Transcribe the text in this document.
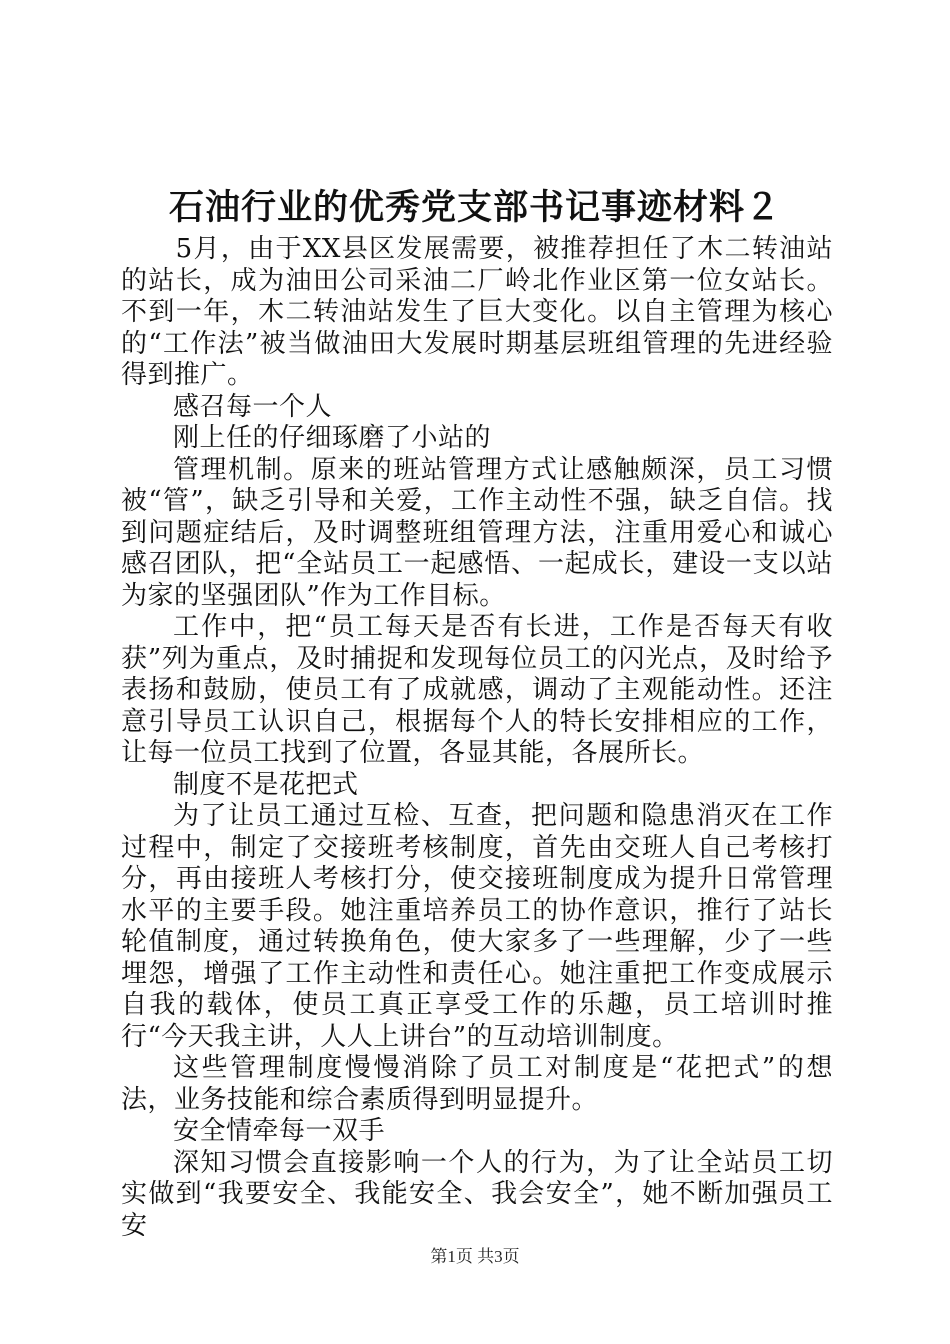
石油行业的优秀党支部书记事迹材料２

5月，由于XX县区发展需要，被推荐担任了木二转油站的站长，成为油田公司采油二厂岭北作业区第一位女站长。不到一年，木二转油站发生了巨大变化。以自主管理为核心的“工作法”被当做油田大发展时期基层班组管理的先进经验得到推广。

感召每一个人

刚上任的仔细琢磨了小站的

管理机制。原来的班站管理方式让感触颇深，员工习惯被“管”，缺乏引导和关爱，工作主动性不强，缺乏自信。找到问题症结后，及时调整班组管理方法，注重用爱心和诚心感召团队，把“全站员工一起感悟、一起成长，建设一支以站为家的坚强团队”作为工作目标。

工作中，把“员工每天是否有长进，工作是否每天有收获”列为重点，及时捕捉和发现每位员工的闪光点，及时给予表扬和鼓励，使员工有了成就感，调动了主观能动性。还注意引导员工认识自己，根据每个人的特长安排相应的工作，让每一位员工找到了位置，各显其能，各展所长。

制度不是花把式

为了让员工通过互检、互查，把问题和隐患消灭在工作过程中，制定了交接班考核制度，首先由交班人自己考核打分，再由接班人考核打分，使交接班制度成为提升日常管理水平的主要手段。她注重培养员工的协作意识，推行了站长轮值制度，通过转换角色，使大家多了一些理解，少了一些埋怨，增强了工作主动性和责任心。她注重把工作变成展示自我的载体，使员工真正享受工作的乐趣，员工培训时推行“今天我主讲，人人上讲台”的互动培训制度。

这些管理制度慢慢消除了员工对制度是“花把式”的想法，业务技能和综合素质得到明显提升。

安全情牵每一双手

深知习惯会直接影响一个人的行为，为了让全站员工切实做到“我要安全、我能安全、我会安全”，她不断加强员工安

第1页 共3页
